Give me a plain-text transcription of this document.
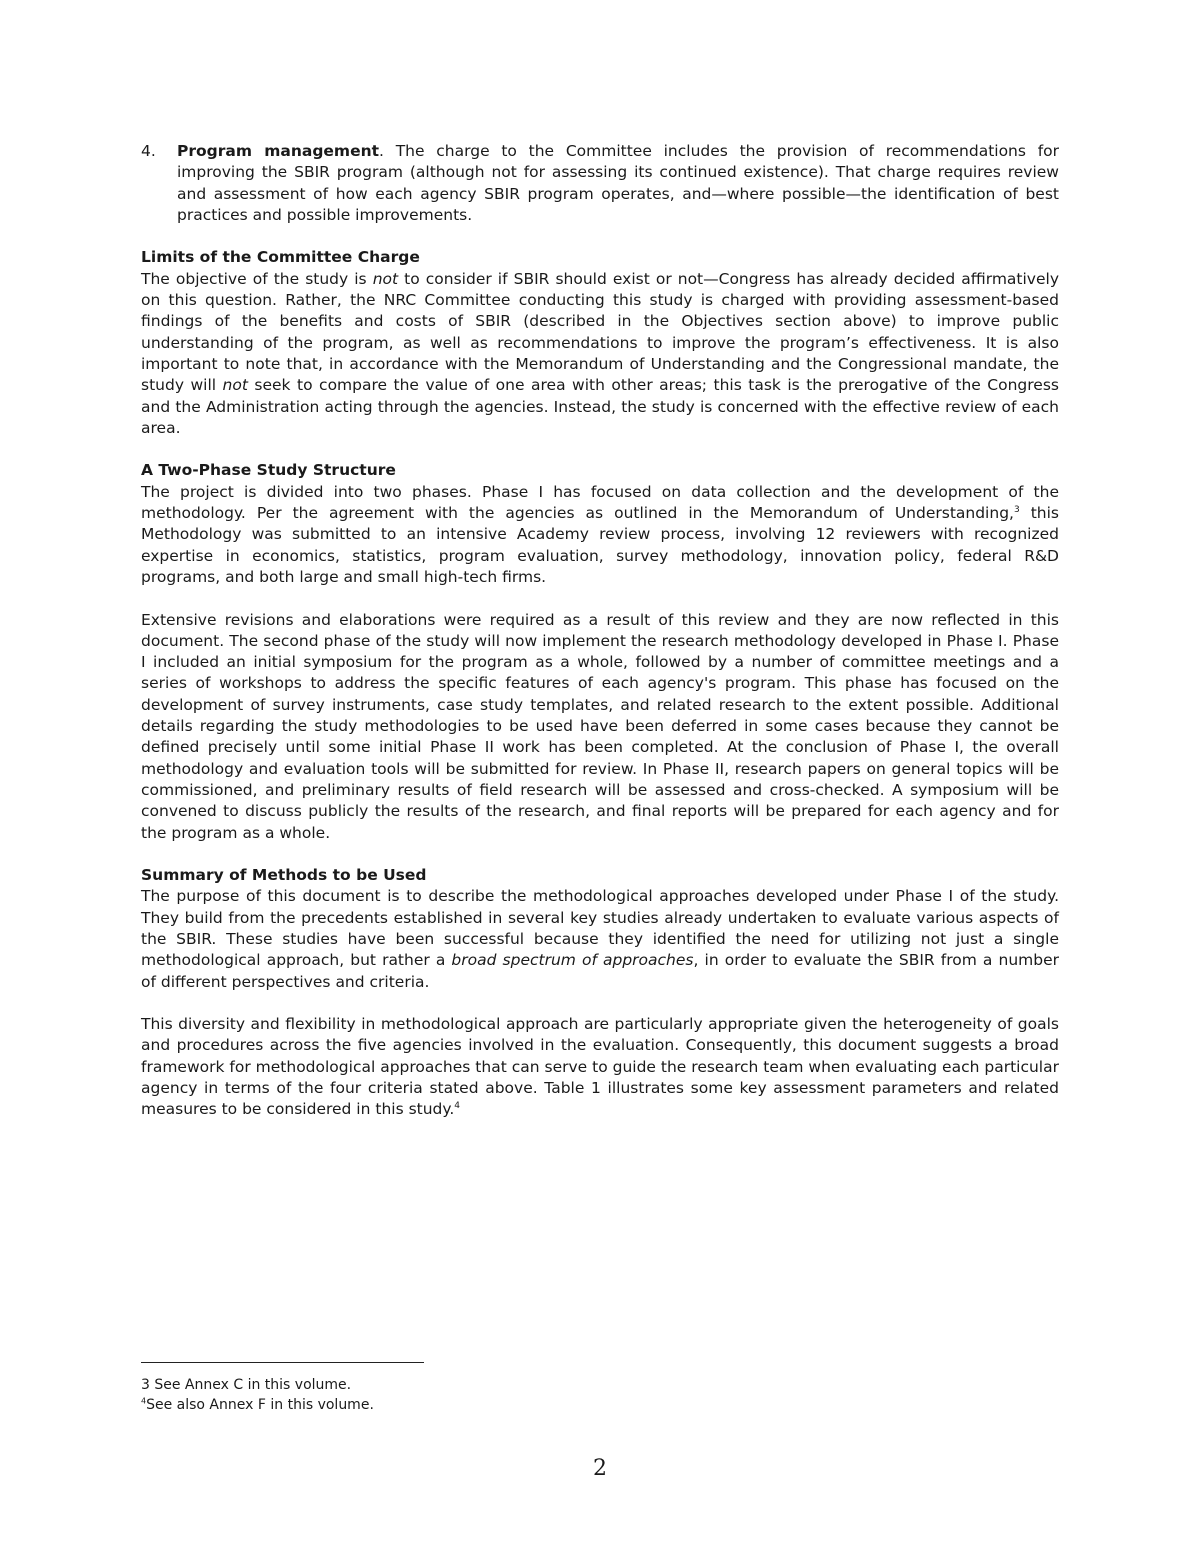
4. Program management. The charge to the Committee includes the provision of recommendations for improving the SBIR program (although not for assessing its continued existence). That charge requires review and assessment of how each agency SBIR program operates, and—where possible—the identification of best practices and possible improvements.
Limits of the Committee Charge

The objective of the study is not to consider if SBIR should exist or not—Congress has already decided affirmatively on this question. Rather, the NRC Committee conducting this study is charged with providing assessment-based findings of the benefits and costs of SBIR (described in the Objectives section above) to improve public understanding of the program, as well as recommendations to improve the program’s effectiveness. It is also important to note that, in accordance with the Memorandum of Understanding and the Congressional mandate, the study will not seek to compare the value of one area with other areas; this task is the prerogative of the Congress and the Administration acting through the agencies. Instead, the study is concerned with the effective review of each area.

A Two-Phase Study Structure

The project is divided into two phases. Phase I has focused on data collection and the development of the methodology. Per the agreement with the agencies as outlined in the Memorandum of Understanding,$^3$ this Methodology was submitted to an intensive Academy review process, involving 12 reviewers with recognized expertise in economics, statistics, program evaluation, survey methodology, innovation policy, federal R&D programs, and both large and small high-tech firms.

Extensive revisions and elaborations were required as a result of this review and they are now reflected in this document. The second phase of the study will now implement the research methodology developed in Phase I. Phase I included an initial symposium for the program as a whole, followed by a number of committee meetings and a series of workshops to address the specific features of each agency's program. This phase has focused on the development of survey instruments, case study templates, and related research to the extent possible. Additional details regarding the study methodologies to be used have been deferred in some cases because they cannot be defined precisely until some initial Phase II work has been completed. At the conclusion of Phase I, the overall methodology and evaluation tools will be submitted for review. In Phase II, research papers on general topics will be commissioned, and preliminary results of field research will be assessed and cross-checked. A symposium will be convened to discuss publicly the results of the research, and final reports will be prepared for each agency and for the program as a whole.

Summary of Methods to be Used

The purpose of this document is to describe the methodological approaches developed under Phase I of the study. They build from the precedents established in several key studies already undertaken to evaluate various aspects of the SBIR. These studies have been successful because they identified the need for utilizing not just a single methodological approach, but rather a broad spectrum of approaches, in order to evaluate the SBIR from a number of different perspectives and criteria.

This diversity and flexibility in methodological approach are particularly appropriate given the heterogeneity of goals and procedures across the five agencies involved in the evaluation. Consequently, this document suggests a broad framework for methodological approaches that can serve to guide the research team when evaluating each particular agency in terms of the four criteria stated above. Table 1 illustrates some key assessment parameters and related measures to be considered in this study.$^4$

3 See Annex C in this volume.
$^4$See also Annex F in this volume.
2
